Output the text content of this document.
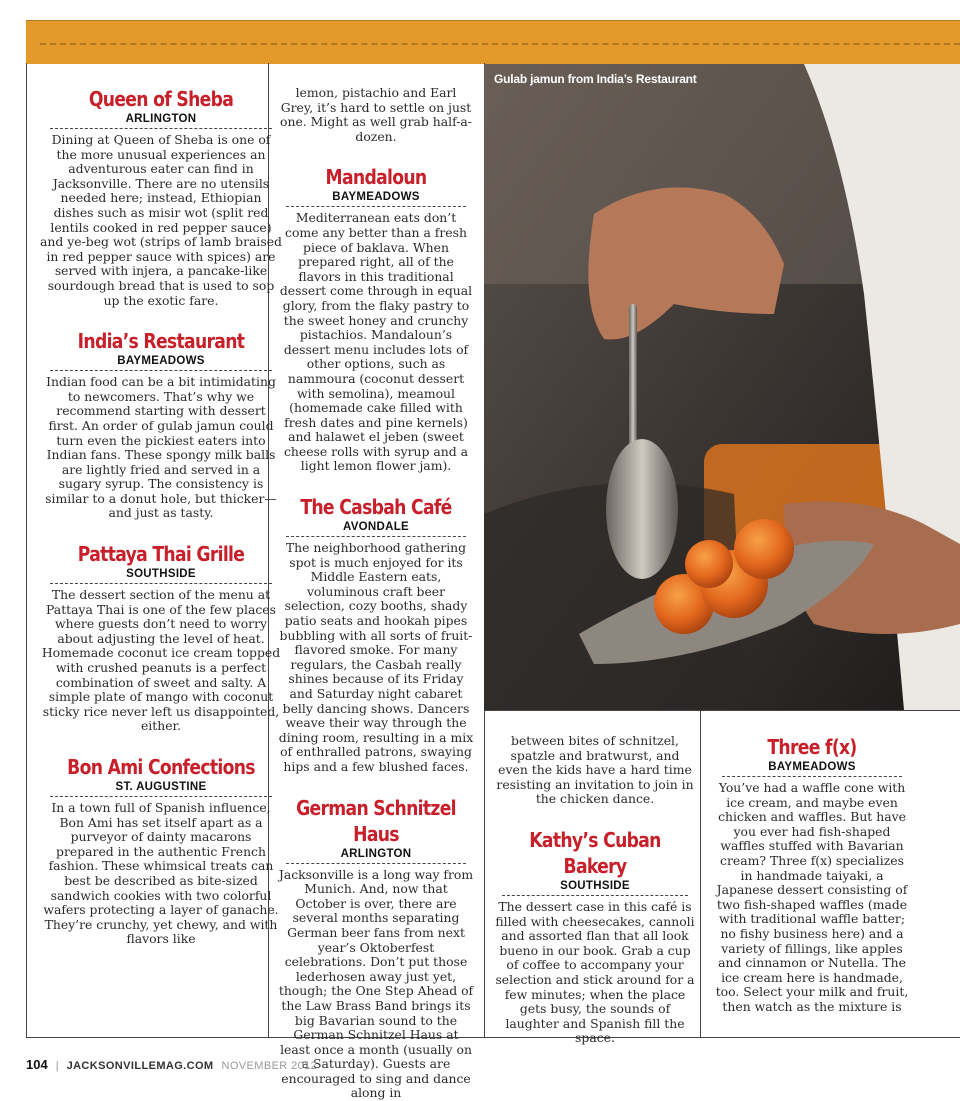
Gulab jamun from India’s Restaurant
Queen of Sheba
ARLINGTON

Dining at Queen of Sheba is one of the more unusual experiences an adventurous eater can find in Jacksonville. There are no utensils needed here; instead, Ethiopian dishes such as misir wot (split red lentils cooked in red pepper sauce) and ye-beg wot (strips of lamb braised in red pepper sauce with spices) are served with injera, a pancake-like sourdough bread that is used to sop up the exotic fare.

India’s Restaurant
BAYMEADOWS

Indian food can be a bit intimidating to newcomers. That’s why we recommend starting with dessert first. An order of gulab jamun could turn even the pickiest eaters into Indian fans. These spongy milk balls are lightly fried and served in a sugary syrup. The consistency is similar to a donut hole, but thicker—and just as tasty.

Pattaya Thai Grille
SOUTHSIDE

The dessert section of the menu at Pattaya Thai is one of the few places where guests don’t need to worry about adjusting the level of heat. Homemade coconut ice cream topped with crushed peanuts is a perfect combination of sweet and salty. A simple plate of mango with coconut sticky rice never left us disappointed, either.

Bon Ami Confections
ST. AUGUSTINE

In a town full of Spanish influence, Bon Ami has set itself apart as a purveyor of dainty macarons prepared in the authentic French fashion. These whimsical treats can best be described as bite-sized sandwich cookies with two colorful wafers protecting a layer of ganache. They’re crunchy, yet chewy, and with flavors like

lemon, pistachio and Earl Grey, it’s hard to settle on just one. Might as well grab half-a-dozen.

Mandaloun
BAYMEADOWS

Mediterranean eats don’t come any better than a fresh piece of baklava. When prepared right, all of the flavors in this traditional dessert come through in equal glory, from the flaky pastry to the sweet honey and crunchy pistachios. Mandaloun’s dessert menu includes lots of other options, such as nammoura (coconut dessert with semolina), meamoul (homemade cake filled with fresh dates and pine kernels) and halawet el jeben (sweet cheese rolls with syrup and a light lemon flower jam).

The Casbah Café
AVONDALE

The neighborhood gathering spot is much enjoyed for its Middle Eastern eats, voluminous craft beer selection, cozy booths, shady patio seats and hookah pipes bubbling with all sorts of fruit-flavored smoke. For many regulars, the Casbah really shines because of its Friday and Saturday night cabaret belly dancing shows. Dancers weave their way through the dining room, resulting in a mix of enthralled patrons, swaying hips and a few blushed faces.

German Schnitzel Haus
ARLINGTON

Jacksonville is a long way from Munich. And, now that October is over, there are several months separating German beer fans from next year’s Oktoberfest celebrations. Don’t put those lederhosen away just yet, though; the One Step Ahead of the Law Brass Band brings its big Bavarian sound to the German Schnitzel Haus at least once a month (usually on a Saturday). Guests are encouraged to sing and dance along in

between bites of schnitzel, spatzle and bratwurst, and even the kids have a hard time resisting an invitation to join in the chicken dance.

Kathy’s Cuban Bakery
SOUTHSIDE

The dessert case in this café is filled with cheesecakes, cannoli and assorted flan that all look bueno in our book. Grab a cup of coffee to accompany your selection and stick around for a few minutes; when the place gets busy, the sounds of laughter and Spanish fill the space.

Three f(x)
BAYMEADOWS

You’ve had a waffle cone with ice cream, and maybe even chicken and waffles. But have you ever had fish-shaped waffles stuffed with Bavarian cream? Three f(x) specializes in handmade taiyaki, a Japanese dessert consisting of two fish-shaped waffles (made with traditional waffle batter; no fishy business here) and a variety of fillings, like apples and cinnamon or Nutella. The ice cream here is handmade, too. Select your milk and fruit, then watch as the mixture is

104 | JACKSONVILLEMAG.COM NOVEMBER 2012
